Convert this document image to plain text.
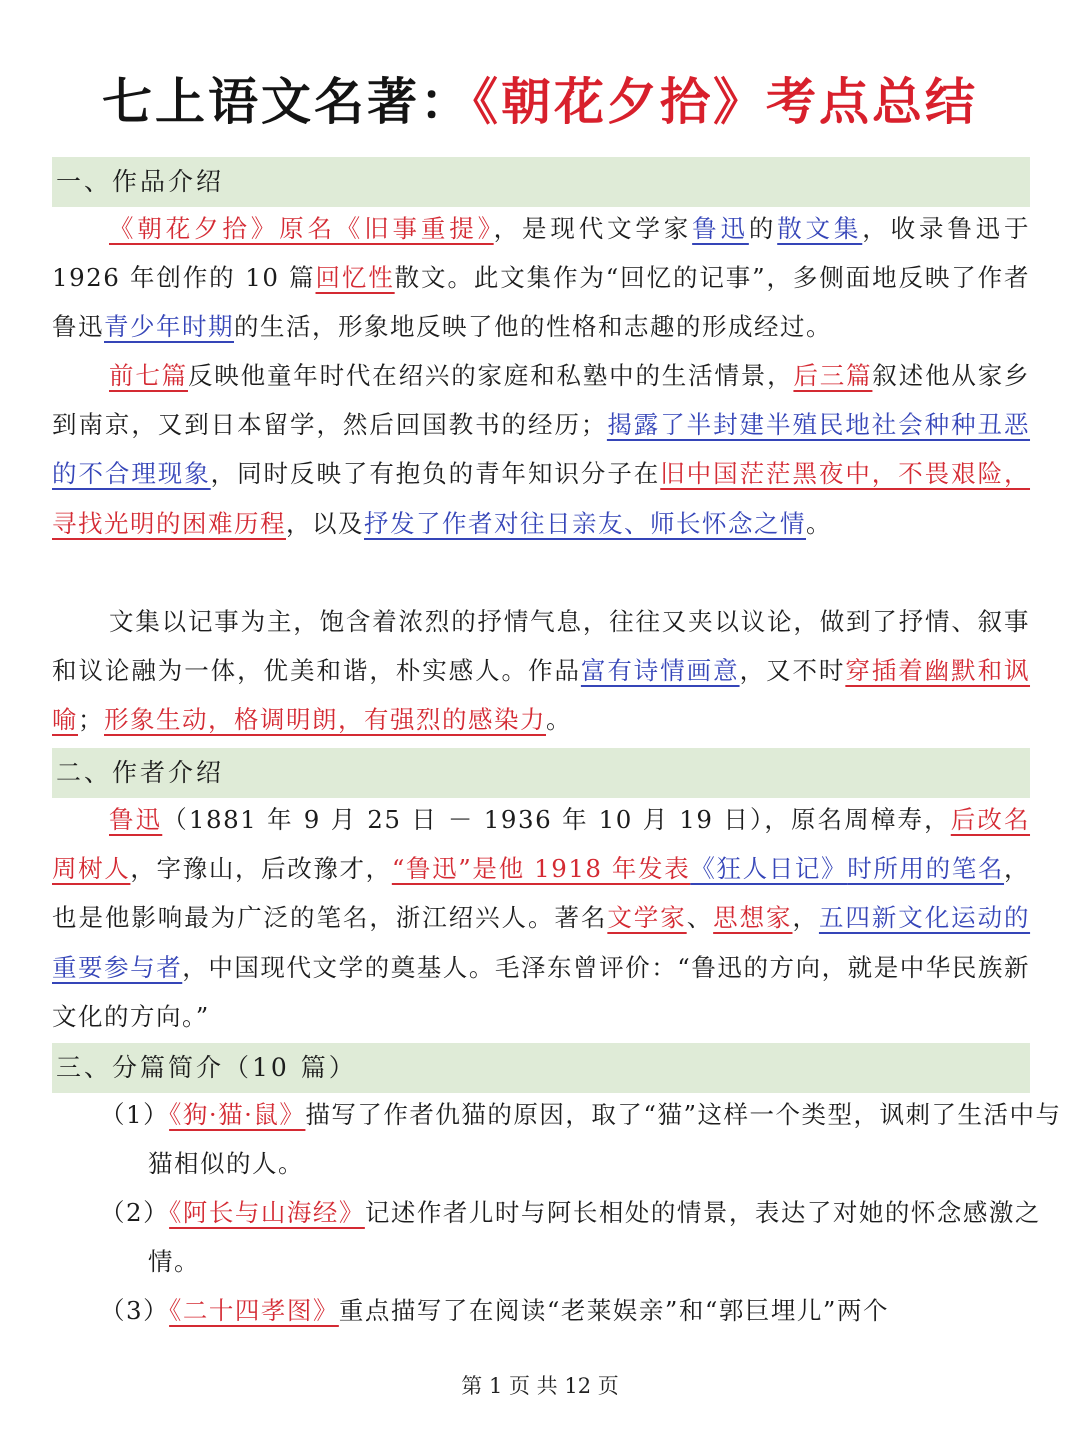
七上语文名著：《朝花夕拾》考点总结
一、作品介绍
《朝花夕拾》原名《旧事重提》，是现代文学家鲁迅的散文集，收录鲁迅于 1926 年创作的 10 篇回忆性散文。此文集作为“回忆的记事”，多侧面地反映了作者鲁迅青少年时期的生活，形象地反映了他的性格和志趣的形成经过。
前七篇反映他童年时代在绍兴的家庭和私塾中的生活情景，后三篇叙述他从家乡到南京，又到日本留学，然后回国教书的经历；揭露了半封建半殖民地社会种种丑恶的不合理现象，同时反映了有抱负的青年知识分子在旧中国茫茫黑夜中，不畏艰险，寻找光明的困难历程，以及抒发了作者对往日亲友、师长怀念之情。
文集以记事为主，饱含着浓烈的抒情气息，往往又夹以议论，做到了抒情、叙事和议论融为一体，优美和谐，朴实感人。作品富有诗情画意，又不时穿插着幽默和讽喻；形象生动，格调明朗，有强烈的感染力。
二、作者介绍
鲁迅（1881 年 9 月 25 日 － 1936 年 10 月 19 日），原名周樟寿，后改名周树人，字豫山，后改豫才，“鲁迅”是他 1918 年发表《狂人日记》时所用的笔名，也是他影响最为广泛的笔名，浙江绍兴人。著名文学家、思想家，五四新文化运动的重要参与者，中国现代文学的奠基人。毛泽东曾评价：“鲁迅的方向，就是中华民族新文化的方向。”
三、分篇简介（10 篇）
（1）《狗·猫·鼠》描写了作者仇猫的原因，取了“猫”这样一个类型，讽刺了生活中与猫相似的人。
（2）《阿长与山海经》记述作者儿时与阿长相处的情景，表达了对她的怀念感激之情。
（3）《二十四孝图》重点描写了在阅读“老莱娱亲”和“郭巨埋儿”两个
第 1 页 共 12 页
